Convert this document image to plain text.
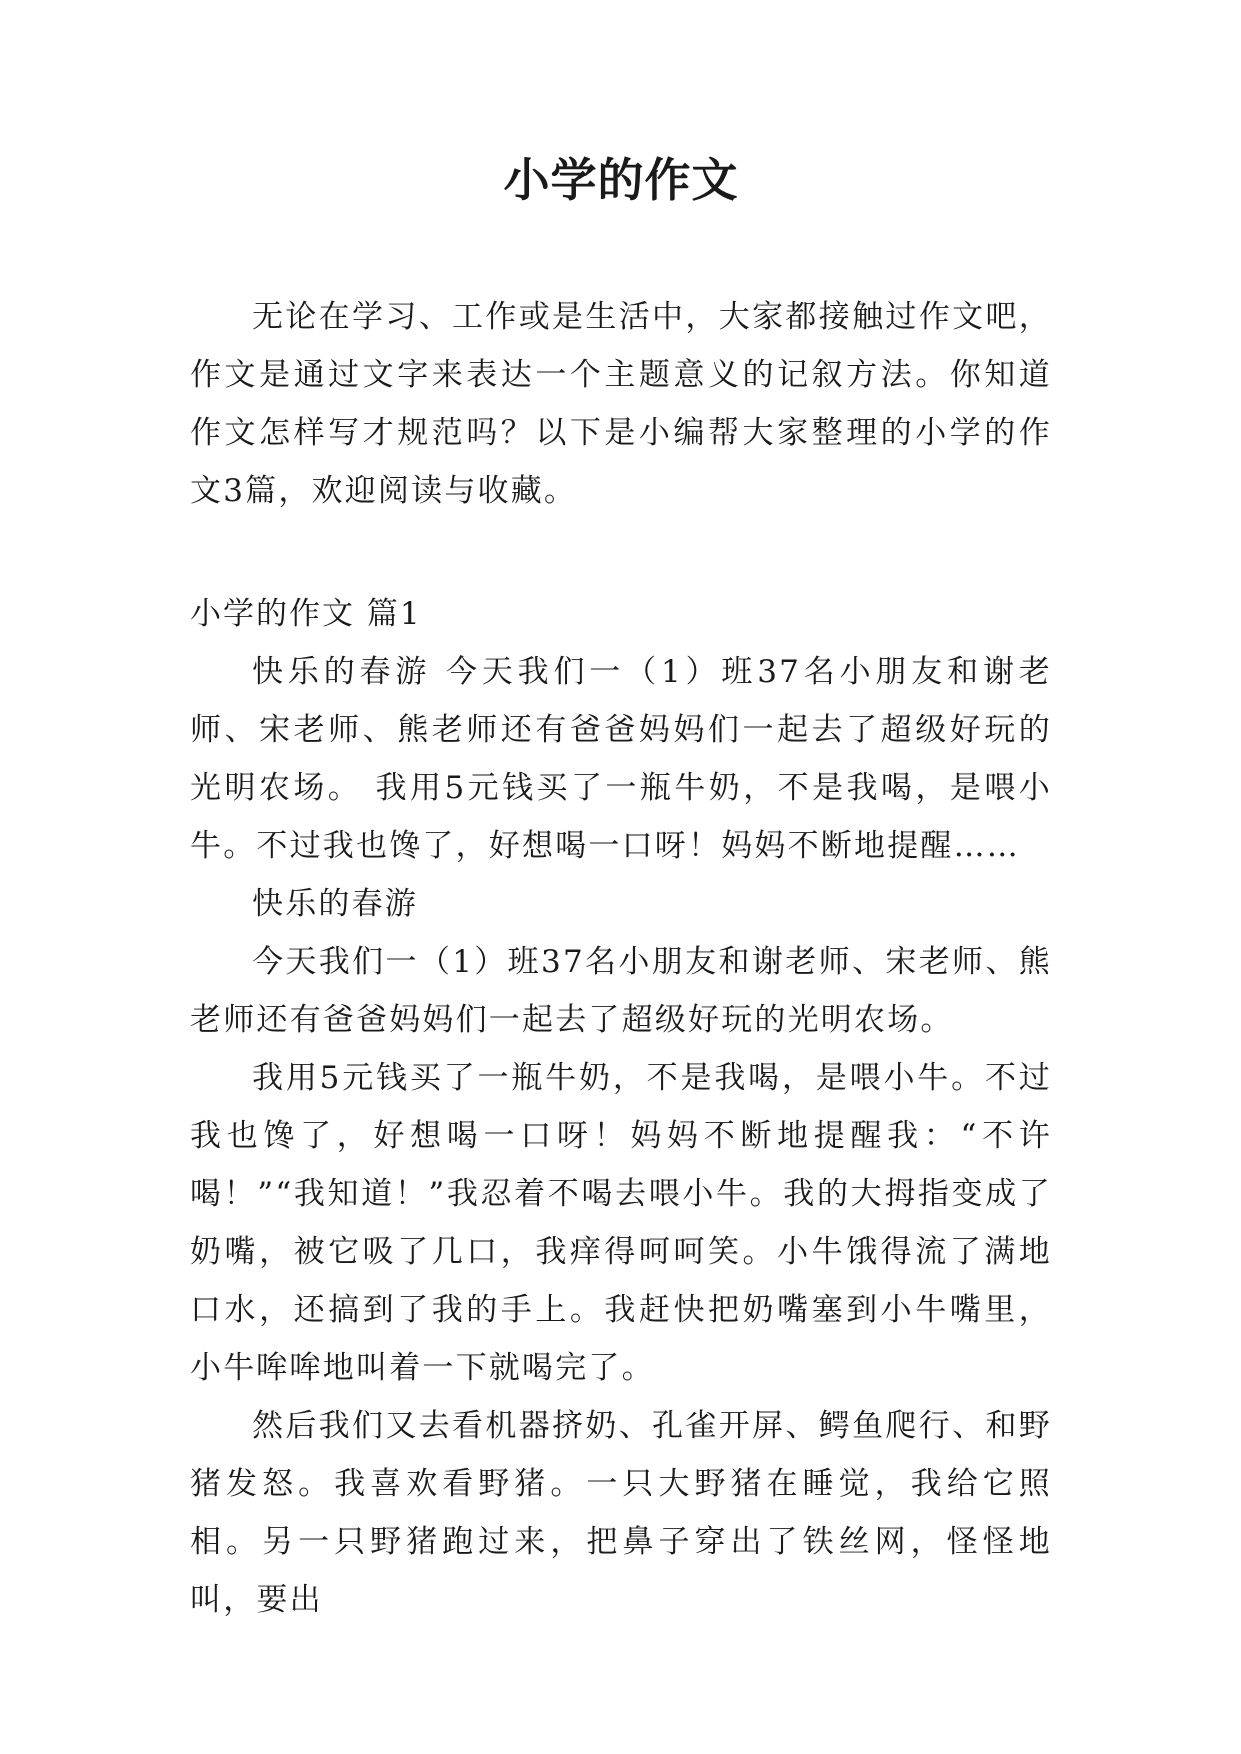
小学的作文

无论在学习、工作或是生活中，大家都接触过作文吧，作文是通过文字来表达一个主题意义的记叙方法。你知道作文怎样写才规范吗？以下是小编帮大家整理的小学的作文3篇，欢迎阅读与收藏。

小学的作文 篇1

快乐的春游 今天我们一（1）班37名小朋友和谢老师、宋老师、熊老师还有爸爸妈妈们一起去了超级好玩的光明农场。 我用5元钱买了一瓶牛奶，不是我喝，是喂小牛。不过我也馋了，好想喝一口呀！妈妈不断地提醒……

快乐的春游

今天我们一（1）班37名小朋友和谢老师、宋老师、熊老师还有爸爸妈妈们一起去了超级好玩的光明农场。

我用5元钱买了一瓶牛奶，不是我喝，是喂小牛。不过我也馋了，好想喝一口呀！妈妈不断地提醒我：“不许喝！”“我知道！”我忍着不喝去喂小牛。我的大拇指变成了奶嘴，被它吸了几口，我痒得呵呵笑。小牛饿得流了满地口水，还搞到了我的手上。我赶快把奶嘴塞到小牛嘴里，小牛哞哞地叫着一下就喝完了。

然后我们又去看机器挤奶、孔雀开屏、鳄鱼爬行、和野猪发怒。我喜欢看野猪。一只大野猪在睡觉，我给它照相。另一只野猪跑过来，把鼻子穿出了铁丝网，怪怪地叫，要出
